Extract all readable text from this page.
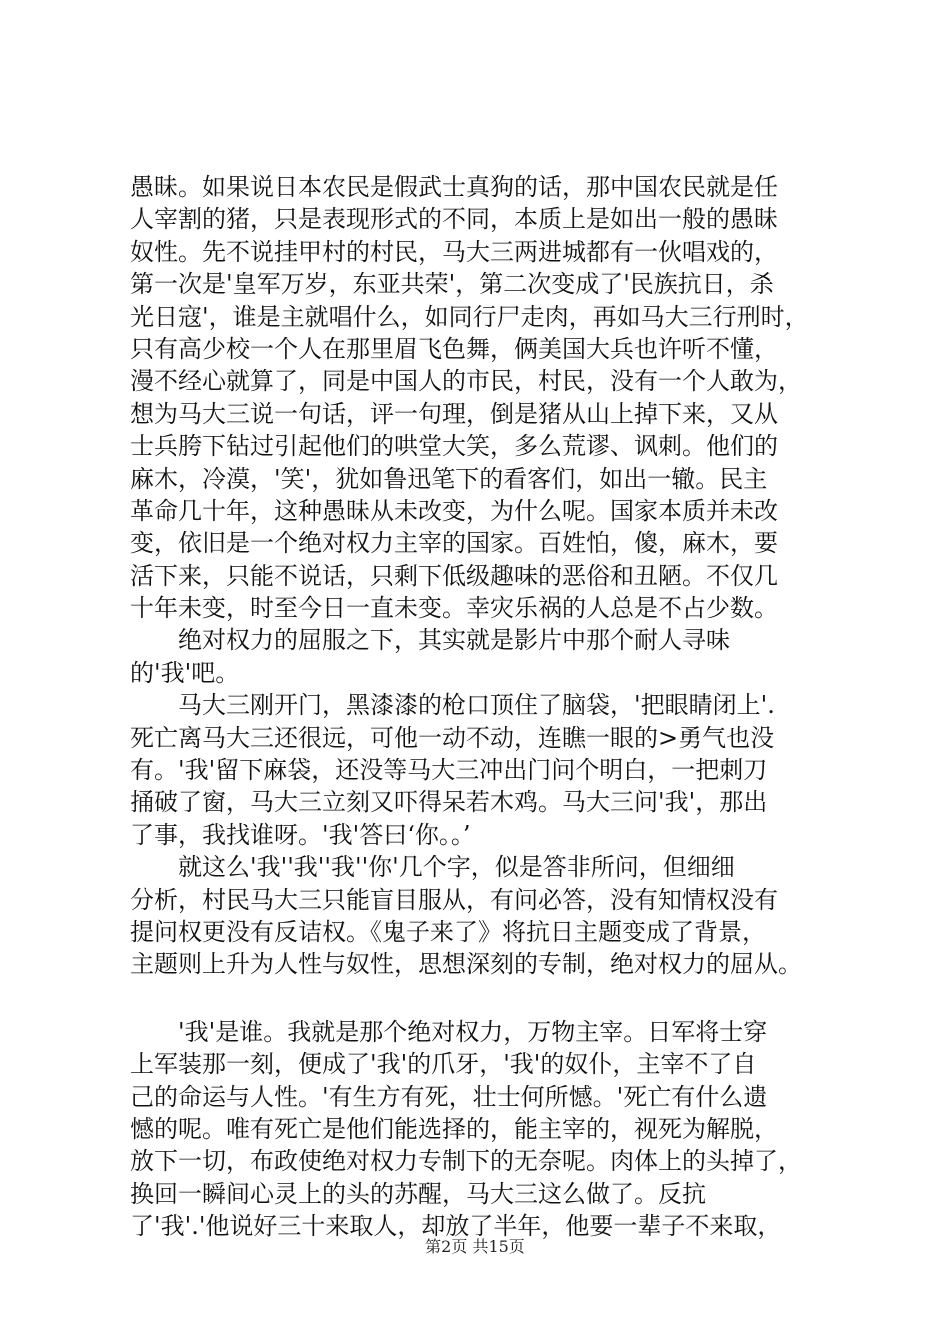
愚昧。如果说日本农民是假武士真狗的话，那中国农民就是任
人宰割的猪，只是表现形式的不同，本质上是如出一般的愚昧
奴性。先不说挂甲村的村民，马大三两进城都有一伙唱戏的，
第一次是'皇军万岁，东亚共荣'，第二次变成了'民族抗日，杀
光日寇'，谁是主就唱什么，如同行尸走肉，再如马大三行刑时，
只有高少校一个人在那里眉飞色舞，俩美国大兵也许听不懂，
漫不经心就算了，同是中国人的市民，村民，没有一个人敢为，
想为马大三说一句话，评一句理，倒是猪从山上掉下来，又从
士兵胯下钻过引起他们的哄堂大笑，多么荒谬、讽刺。他们的
麻木，冷漠，'笑'，犹如鲁迅笔下的看客们，如出一辙。民主
革命几十年，这种愚昧从未改变，为什么呢。国家本质并未改
变，依旧是一个绝对权力主宰的国家。百姓怕，傻，麻木，要
活下来，只能不说话，只剩下低级趣味的恶俗和丑陋。不仅几
十年未变，时至今日一直未变。幸灾乐祸的人总是不占少数。
　　绝对权力的屈服之下，其实就是影片中那个耐人寻味
的'我'吧。
　　马大三刚开门，黑漆漆的枪口顶住了脑袋，'把眼睛闭上'.
死亡离马大三还很远，可他一动不动，连瞧一眼的>勇气也没
有。'我'留下麻袋，还没等马大三冲出门问个明白，一把刺刀
捅破了窗，马大三立刻又吓得呆若木鸡。马大三问'我'，那出
了事，我找谁呀。'我'答曰‘你。。’
　　就这么'我''我''我''你'几个字，似是答非所问，但细细
分析，村民马大三只能盲目服从，有问必答，没有知情权没有
提问权更没有反诘权。《鬼子来了》将抗日主题变成了背景，
主题则上升为人性与奴性，思想深刻的专制，绝对权力的屈从。
　　'我'是谁。我就是那个绝对权力，万物主宰。日军将士穿
上军装那一刻，便成了'我'的爪牙，'我'的奴仆，主宰不了自
己的命运与人性。'有生方有死，壮士何所憾。'死亡有什么遗
憾的呢。唯有死亡是他们能选择的，能主宰的，视死为解脱，
放下一切，布政使绝对权力专制下的无奈呢。肉体上的头掉了，
换回一瞬间心灵上的头的苏醒，马大三这么做了。反抗
了'我'.'他说好三十来取人，却放了半年，他要一辈子不来取，
第2页 共15页
